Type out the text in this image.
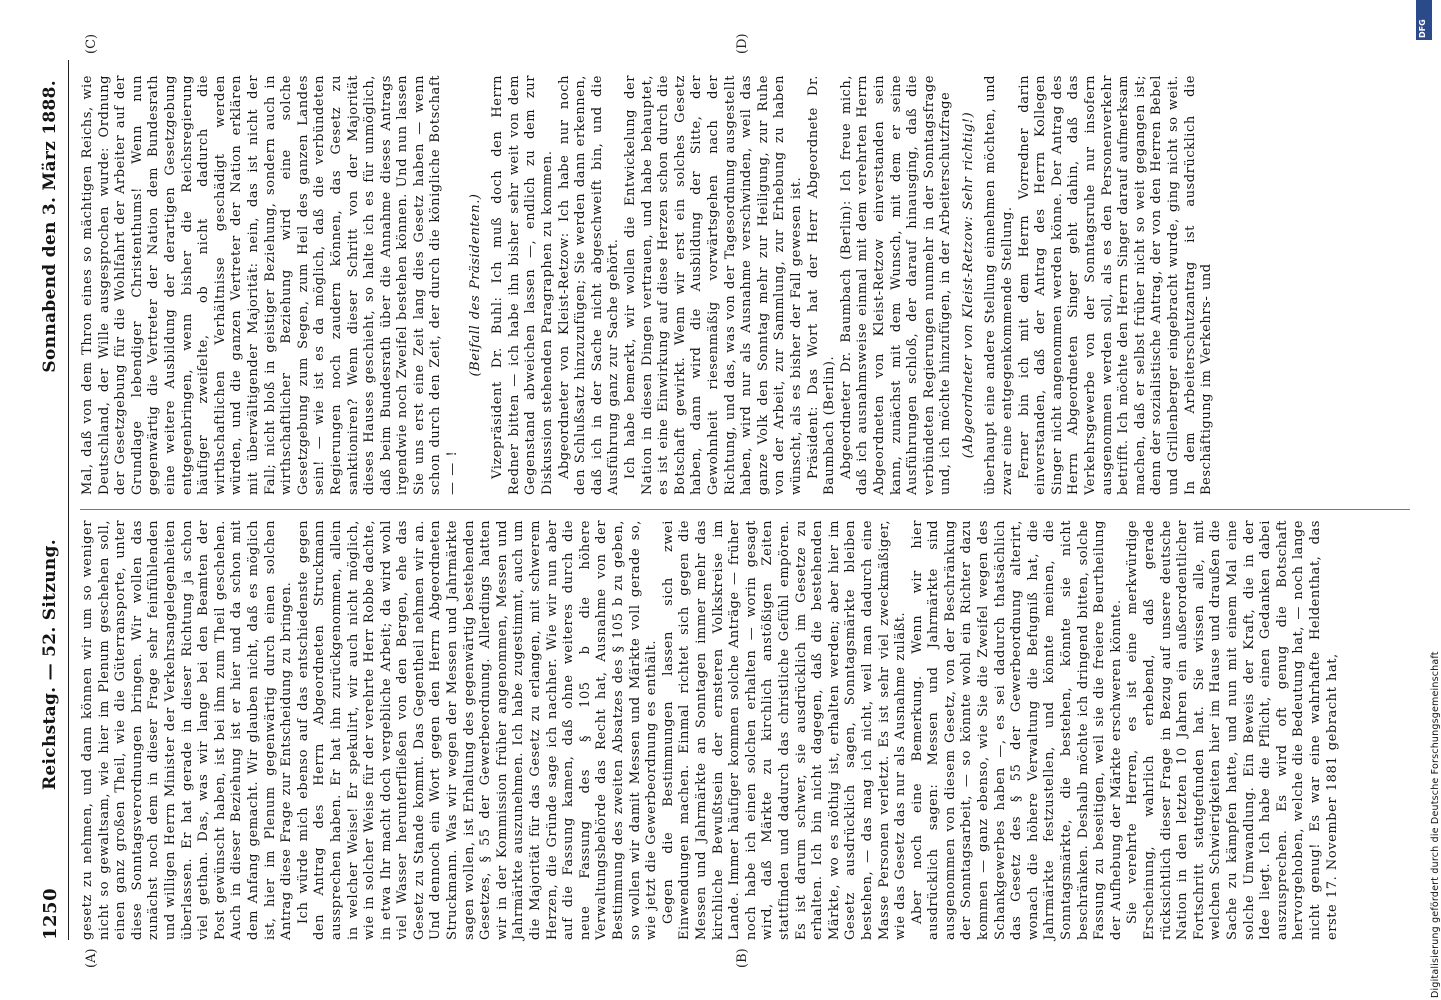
1250
Reichstag. — 52. Sitzung.
Sonnabend den 3. März 1888.
(A)	(B)
(C)	(D)

gesetz zu nehmen, und dann können wir um so weniger nicht so gewaltsam, wie hier im Plenum geschehen soll, einen ganz großen Theil, wie die Güterransporte, unter diese Sonntagsverordnungen bringen. Wir wollen das zunächst noch dem in dieser Frage sehr feinfühlenden und willigen Herrn Minister der Verkehrsangelegenheiten überlassen. Er hat gerade in dieser Richtung ja schon viel gethan. Das, was wir lange bei den Beamten der Post gewünscht haben, ist bei ihm zum Theil geschehen. Auch in dieser Beziehung ist er hier und da schon mit dem Anfang gemacht. Wir glauben nicht, daß es möglich ist, hier im Plenum gegenwärtig durch einen solchen Antrag diese Frage zur Entscheidung zu bringen. Ich würde mich ebenso auf das entschiedenste gegen den Antrag des Herrn Abgeordneten Struckmann aussprechen haben. Er hat ihn zurückgenommen, allein in welcher Weise! Er spekulirt, wir auch nicht möglich, wie in solcher Weise für der verehrte Herr Robbe dachte, in etwa Ihr macht doch vergebliche Arbeit; da wird wohl viel Wasser herunterfließen von den Bergen, ehe das Gesetz zu Stande kommt. Das Gegentheil nehmen wir an. Und dennoch ein Wort gegen den Herrn Abgeordneten Struckmann. Was wir wegen der Messen und Jahrmärkte sagen wollen, ist Erhaltung des gegenwärtig bestehenden Gesetzes, § 55 der Gewerbeordnung. Allerdings hatten wir in der Kommission früher angenommen, Messen und Jahrmärkte auszunehmen. Ich habe zugestimmt, auch um die Majorität für das Gesetz zu erlangen, mit schwerem Herzen, die Gründe sage ich nachher. Wie wir nun aber auf die Fassung kamen, daß ohne weiteres durch die neue Fassung des § 105 b die höhere Verwaltungsbehörde das Recht hat, Ausnahme von der Bestimmung des zweiten Absatzes des § 105 b zu geben, so wollen wir damit Messen und Märkte voll gerade so, wie jetzt die Gewerbeordnung es enthält. Gegen die Bestimmungen lassen sich zwei Einwendungen machen. Einmal richtet sich gegen die Messen und Jahrmärkte an Sonntagen immer mehr das kirchliche Bewußtsein der ernsteren Volkskreise im Lande. Immer häufiger kommen solche Anträge — früher noch habe ich einen solchen erhalten — worin gesagt wird, daß Märkte zu kirchlich anstößigen Zeiten stattfinden und dadurch das christliche Gefühl empören. Es ist darum schwer, sie ausdrücklich im Gesetze zu erhalten. Ich bin nicht dagegen, daß die bestehenden Märkte, wo es nöthig ist, erhalten werden; aber hier im Gesetz ausdrücklich sagen, Sonntagsmärkte bleiben bestehen, — das mag ich nicht, weil man dadurch eine Masse Personen verletzt. Es ist sehr viel zweckmäßiger, wie das Gesetz das nur als Ausnahme zuläßt. Aber noch eine Bemerkung. Wenn wir hier ausdrücklich sagen: Messen und Jahrmärkte sind ausgenommen von diesem Gesetz, von der Beschränkung der Sonntagsarbeit, — so könnte wohl ein Richter dazu kommen — ganz ebenso, wie Sie die Zweifel wegen des Schankgewerbes haben —, es sei dadurch thatsächlich das Gesetz des § 55 der Gewerbeordnung alterirt, wonach die höhere Verwaltung die Befugniß hat, die Jahrmärkte festzustellen, und könnte meinen, die Sonntagsmärkte, die bestehen, könnte sie nicht beschränken. Deshalb möchte ich dringend bitten, solche Fassung zu beseitigen, weil sie die freiere Beurtheilung der Aufhebung der Märkte erschweren könnte. Sie verehrte Herren, es ist eine merkwürdige Erscheinung, wahrlich erhebend, daß gerade rücksichtlich dieser Frage in Bezug auf unsere deutsche Nation in den letzten 10 Jahren ein außerordentlicher Fortschritt stattgefunden hat. Sie wissen alle, mit welchen Schwierigkeiten hier im Hause und draußen die Sache zu kämpfen hatte, und nun mit einem Mal eine solche Umwandlung. Ein Beweis der Kraft, die in der Idee liegt. Ich habe die Pflicht, einen Gedanken dabei auszusprechen. Es wird oft genug die Botschaft hervorgehoben, welche die Bedeutung hat, — noch lange nicht genug! Es war eine wahrhafte Heldenthat, das erste 17. November 1881 gebracht hat,

Mal, daß von dem Thron eines so mächtigen Reichs, wie Deutschland, der Wille ausgesprochen wurde: Ordnung der Gesetzgebung für die Wohlfahrt der Arbeiter auf der Grundlage lebendiger Christenthums! Wenn nun gegenwärtig die Vertreter der Nation dem Bundesrath eine weitere Ausbildung der derartigen Gesetzgebung entgegenbringen, wenn bisher die Reichsregierung häufiger zweifelte, ob nicht dadurch die wirthschaftlichen Verhältnisse geschädigt werden würden, und die ganzen Vertreter der Nation erklären mit überwältigender Majorität: nein, das ist nicht der Fall; nicht bloß in geistiger Beziehung, sondern auch in wirthschaftlicher Beziehung wird eine solche Gesetzgebung zum Segen, zum Heil des ganzen Landes sein! — wie ist es da möglich, daß die verbündeten Regierungen noch zaudern können, das Gesetz zu sanktioniren? Wenn dieser Schritt von der Majorität dieses Hauses geschieht, so halte ich es für unmöglich, daß beim Bundesrath über die Annahme dieses Antrags irgendwie noch Zweifel bestehen können. Und nun lassen Sie uns erst eine Zeit lang dies Gesetz haben — wenn schon durch den Zeit, der durch die königliche Botschaft — — !

(Beifall des Präsidenten.) Vizepräsident Dr. Buhl: Ich muß doch den Herrn Redner bitten — ich habe ihn bisher sehr weit von dem Gegenstand abweichen lassen —, endlich zu dem zur Diskussion stehenden Paragraphen zu kommen. Abgeordneter von Kleist-Retzow: Ich habe nur noch den Schlußsatz hinzuzufügen; Sie werden dann erkennen, daß ich in der Sache nicht abgeschweift bin, und die Ausführung ganz zur Sache gehört. Ich habe bemerkt, wir wollen die Entwickelung der Nation in diesen Dingen vertrauen, und habe behauptet, es ist eine Einwirkung auf diese Herzen schon durch die Botschaft gewirkt. Wenn wir erst ein solches Gesetz haben, dann wird die Ausbildung der Sitte, der Gewohnheit riesenmäßig vorwärtsgehen nach der Richtung, und das, was von der Tagesordnung ausgestellt haben, wird nur als Ausnahme verschwinden, weil das ganze Volk den Sonntag mehr zur Heiligung, zur Ruhe von der Arbeit, zur Sammlung, zur Erhebung zu haben wünscht, als es bisher der Fall gewesen ist. Präsident: Das Wort hat der Herr Abgeordnete Dr. Baumbach (Berlin). Abgeordneter Dr. Baumbach (Berlin): Ich freue mich, daß ich ausnahmsweise einmal mit dem verehrten Herrn Abgeordneten von Kleist-Retzow einverstanden sein kann, zunächst mit dem Wunsch, mit dem er seine Ausführungen schloß, der darauf hinausging, daß die verbündeten Regierungen nunmehr in der Sonntagsfrage und, ich möchte hinzufügen, in der Arbeiterschutzfrage (Abgeordneter von Kleist-Retzow: Sehr richtig!) überhaupt eine andere Stellung einnehmen möchten, und zwar eine entgegenkommende Stellung. Ferner bin ich mit dem Herrn Vorredner darin einverstanden, daß der Antrag des Herrn Kollegen Singer nicht angenommen werden könne. Der Antrag des Herrn Abgeordneten Singer geht dahin, daß das Verkehrsgewerbe von der Sonntagsruhe nur insofern ausgenommen werden soll, als es den Personenverkehr betrifft. Ich möchte den Herrn Singer darauf aufmerksam machen, daß er selbst früher nicht so weit gegangen ist; denn der sozialistische Antrag, der von den Herren Bebel und Grillenberger eingebracht wurde, ging nicht so weit. In dem Arbeiterschutzantrag ist ausdrücklich die Beschäftigung im Verkehrs- und

DFG
Digitalisierung gefördert durch die Deutsche Forschungsgemeinschaft
